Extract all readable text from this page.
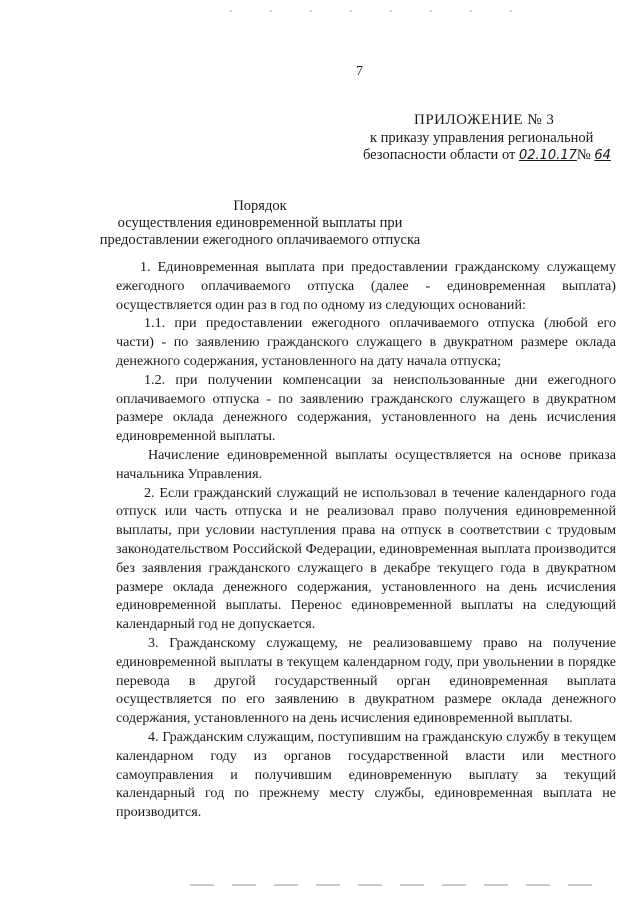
7
ПРИЛОЖЕНИЕ № 3
к приказу управления региональной
безопасности области от 02.10.17№ 64
Порядок
осуществления единовременной выплаты при
предоставлении ежегодного оплачиваемого отпуска

1. Единовременная выплата при предоставлении гражданскому служащему ежегодного оплачиваемого отпуска (далее - единовременная выплата) осуществляется один раз в год по одному из следующих оснований:

1.1. при предоставлении ежегодного оплачиваемого отпуска (любой его части) - по заявлению гражданского служащего в двукратном размере оклада денежного содержания, установленного на дату начала отпуска;

1.2. при получении компенсации за неиспользованные дни ежегодного оплачиваемого отпуска - по заявлению гражданского служащего в двукратном размере оклада денежного содержания, установленного на день исчисления единовременной выплаты.

Начисление единовременной выплаты осуществляется на основе приказа начальника Управления.

2. Если гражданский служащий не использовал в течение календарного года отпуск или часть отпуска и не реализовал право получения единовременной выплаты, при условии наступления права на отпуск в соответствии с трудовым законодательством Российской Федерации, единовременная выплата производится без заявления гражданского служащего в декабре текущего года в двукратном размере оклада денежного содержания, установленного на день исчисления единовременной выплаты. Перенос единовременной выплаты на следующий календарный год не допускается.

3. Гражданскому служащему, не реализовавшему право на получение единовременной выплаты в текущем календарном году, при увольнении в порядке перевода в другой государственный орган единовременная выплата осуществляется по его заявлению в двукратном размере оклада денежного содержания, установленного на день исчисления единовременной выплаты.

4. Гражданским служащим, поступившим на гражданскую службу в текущем календарном году из органов государственной власти или местного самоуправления и получившим единовременную выплату за текущий календарный год по прежнему месту службы, единовременная выплата не производится.
